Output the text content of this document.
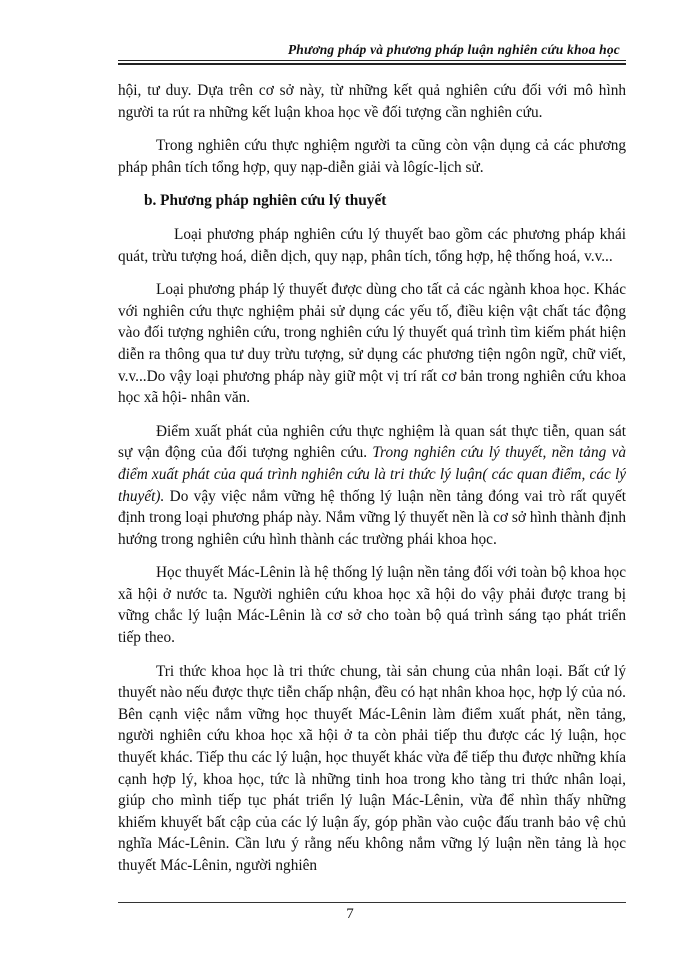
Phương pháp và phương pháp luận nghiên cứu khoa học

hội, tư duy. Dựa trên cơ sở này, từ những kết quả nghiên cứu đối với mô hình người ta rút ra những kết luận khoa học về đối tượng cần nghiên cứu.

Trong nghiên cứu thực nghiệm người ta cũng còn vận dụng cả các phương pháp phân tích tổng hợp, quy nạp-diễn giải và lôgíc-lịch sử.

b. Phương pháp nghiên cứu lý thuyết

Loại phương pháp nghiên cứu lý thuyết bao gồm các phương pháp khái quát, trừu tượng hoá, diễn dịch, quy nạp, phân tích, tổng hợp, hệ thống hoá, v.v...

Loại phương pháp lý thuyết được dùng cho tất cả các ngành khoa học. Khác với nghiên cứu thực nghiệm phải sử dụng các yếu tố, điều kiện vật chất tác động vào đối tượng nghiên cứu, trong nghiên cứu lý thuyết quá trình tìm kiếm phát hiện diễn ra thông qua tư duy trừu tượng, sử dụng các phương tiện ngôn ngữ, chữ viết, v.v...Do vậy loại phương pháp này giữ một vị trí rất cơ bản trong nghiên cứu khoa học xã hội- nhân văn.

Điểm xuất phát của nghiên cứu thực nghiệm là quan sát thực tiễn, quan sát sự vận động của đối tượng nghiên cứu. Trong nghiên cứu lý thuyết, nền tảng và điểm xuất phát của quá trình nghiên cứu là tri thức lý luận( các quan điểm, các lý thuyết). Do vậy việc nắm vững hệ thống lý luận nền tảng đóng vai trò rất quyết định trong loại phương pháp này. Nắm vững lý thuyết nền là cơ sở hình thành định hướng trong nghiên cứu hình thành các trường phái khoa học.

Học thuyết Mác-Lênin là hệ thống lý luận nền tảng đối với toàn bộ khoa học xã hội ở nước ta. Người nghiên cứu khoa học xã hội do vậy phải được trang bị vững chắc lý luận Mác-Lênin là cơ sở cho toàn bộ quá trình sáng tạo phát triển tiếp theo.

Tri thức khoa học là tri thức chung, tài sản chung của nhân loại. Bất cứ lý thuyết nào nếu được thực tiễn chấp nhận, đều có hạt nhân khoa học, hợp lý của nó. Bên cạnh việc nắm vững học thuyết Mác-Lênin làm điểm xuất phát, nền tảng, người nghiên cứu khoa học xã hội ở ta còn phải tiếp thu được các lý luận, học thuyết khác. Tiếp thu các lý luận, học thuyết khác vừa để tiếp thu được những khía cạnh hợp lý, khoa học, tức là những tinh hoa trong kho tàng tri thức nhân loại, giúp cho mình tiếp tục phát triển lý luận Mác-Lênin, vừa để nhìn thấy những khiếm khuyết bất cập của các lý luận ấy, góp phần vào cuộc đấu tranh bảo vệ chủ nghĩa Mác-Lênin. Cần lưu ý rằng nếu không nắm vững lý luận nền tảng là học thuyết Mác-Lênin, người nghiên

7
